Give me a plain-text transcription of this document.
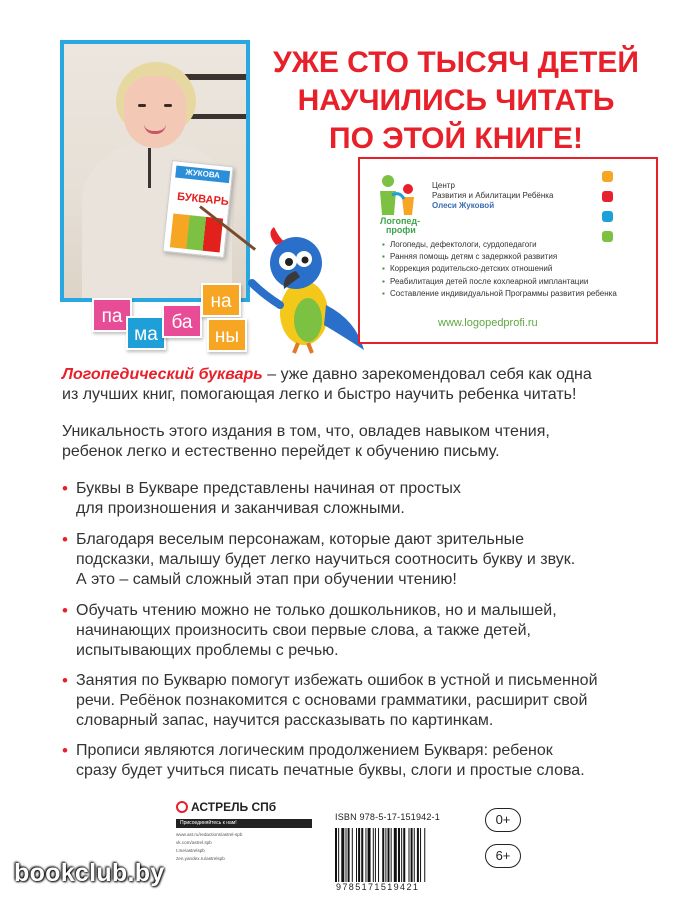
ЖУКОВА
БУКВАРЬ
па
ма
ба
на
ны
УЖЕ СТО ТЫСЯЧ ДЕТЕЙ
НАУЧИЛИСЬ ЧИТАТЬ
ПО ЭТОЙ КНИГЕ!
Логопед-
профи
Центр
Развития и Абилитации Ребёнка
Олеси Жуковой
▪ Логопеды, дефектологи, сурдопедагоги
▪ Ранняя помощь детям с задержкой развития
▪ Коррекция родительско-детских отношений
▪ Реабилитация детей после кохлеарной имплантации
▪ Составление индивидуальной Программы развития ребенка
www.logopedprofi.ru
Логопедический букварь – уже давно зарекомендовал себя как одна
из лучших книг, помогающая легко и быстро научить ребенка читать!
Уникальность этого издания в том, что, овладев навыком чтения,
ребенок легко и естественно перейдет к обучению письму.
• Буквы в Букваре представлены начиная от простых
для произношения и заканчивая сложными.
• Благодаря веселым персонажам, которые дают зрительные
подсказки, малышу будет легко научиться соотносить букву и звук.
А это – самый сложный этап при обучении чтению!
• Обучать чтению можно не только дошкольников, но и малышей,
начинающих произносить свои первые слова, а также детей,
испытывающих проблемы с речью.
• Занятия по Букварю помогут избежать ошибок в устной и письменной
речи. Ребёнок познакомится с основами грамматики, расширит свой
словарный запас, научится рассказывать по картинкам.
• Прописи являются логическим продолжением Букваря: ребенок
сразу будет учиться писать печатные буквы, слоги и простые слова.
АСТРЕЛЬ СПб
Присоединяйтесь к нам!
www.ast.ru/redactions/astrel-spb
vk.com/astrel.spb
t.me/astrelspb
zen.yandex.ru/astrelspb
ISBN 978-5-17-151942-1
9785171519421
0+
6+
bookclub.by
